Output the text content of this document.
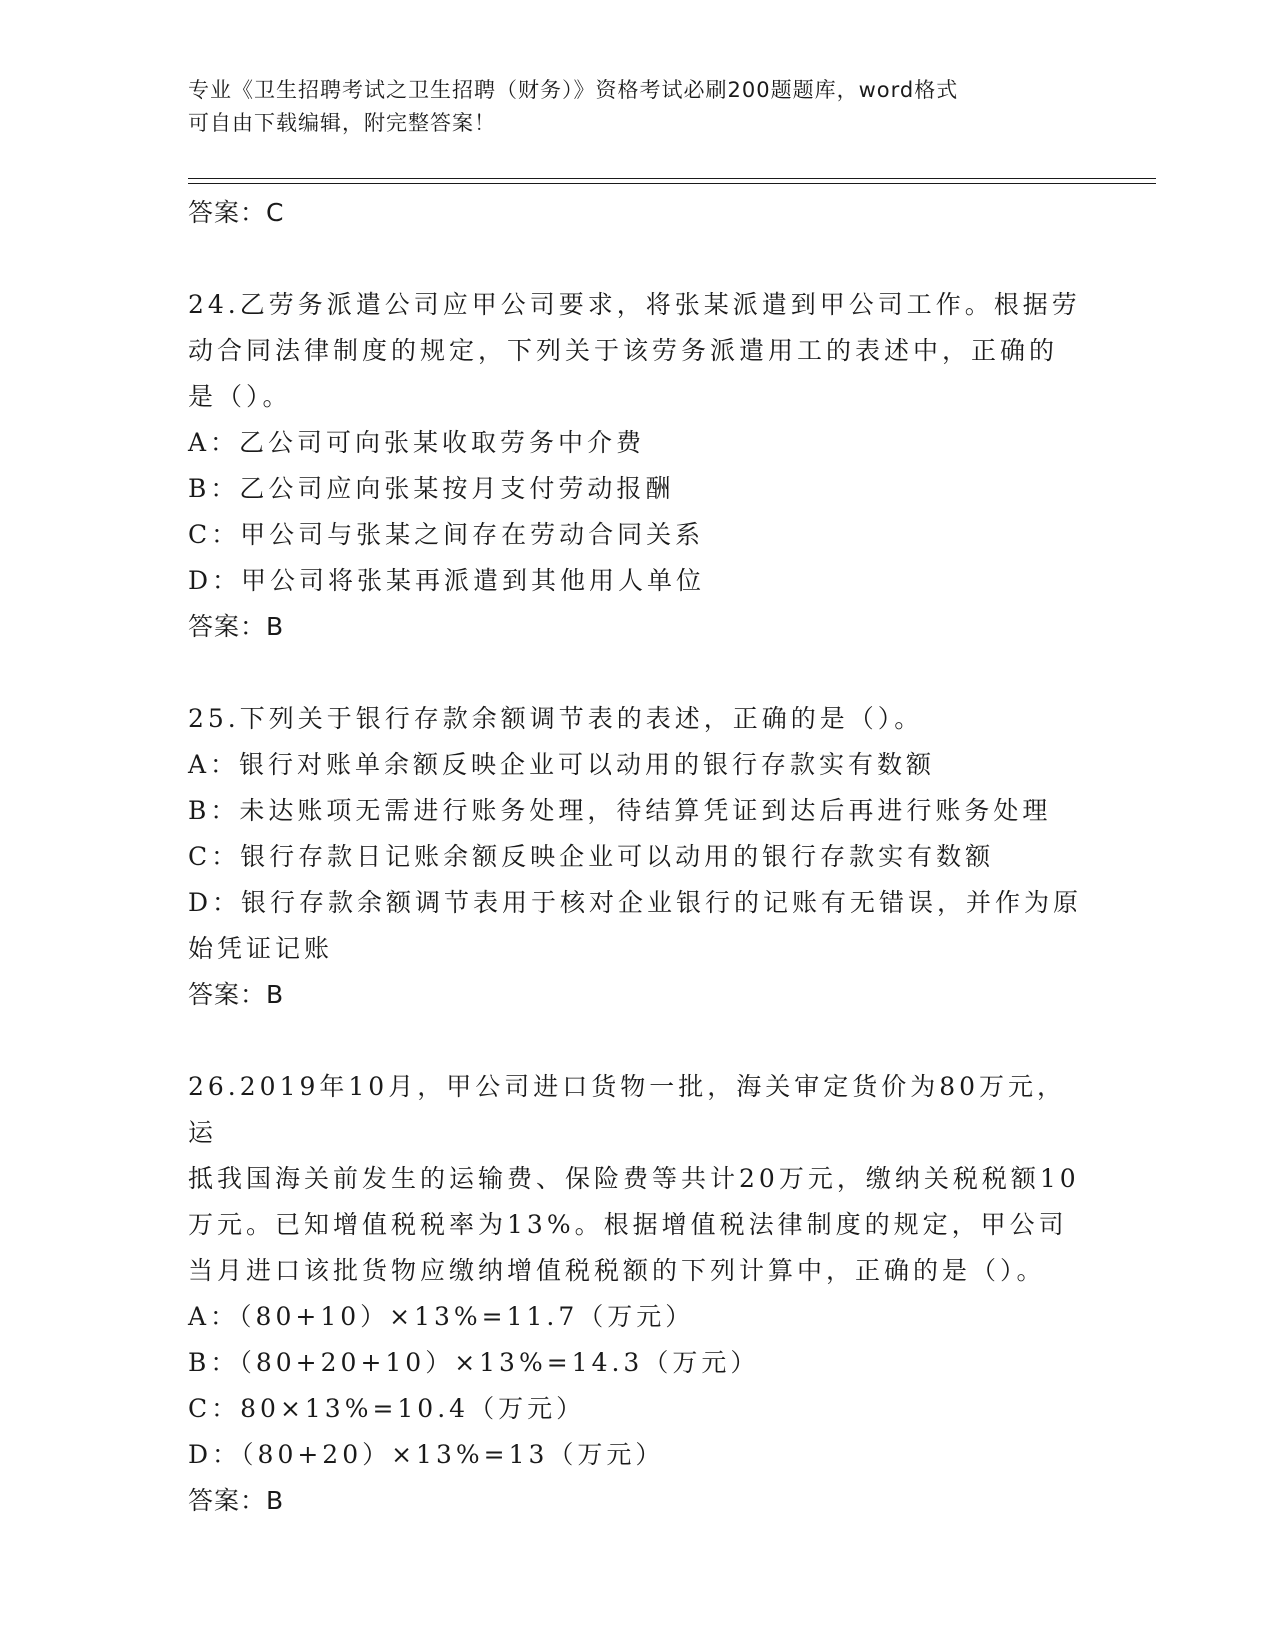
专业《卫生招聘考试之卫生招聘（财务）》资格考试必刷200题题库，word格式
可自由下载编辑，附完整答案！

答案：C

24.乙劳务派遣公司应甲公司要求，将张某派遣到甲公司工作。根据劳

动合同法律制度的规定，下列关于该劳务派遣用工的表述中，正确的

是（）。

A：乙公司可向张某收取劳务中介费

B：乙公司应向张某按月支付劳动报酬

C：甲公司与张某之间存在劳动合同关系

D：甲公司将张某再派遣到其他用人单位

答案：B

25.下列关于银行存款余额调节表的表述，正确的是（）。

A：银行对账单余额反映企业可以动用的银行存款实有数额

B：未达账项无需进行账务处理，待结算凭证到达后再进行账务处理

C：银行存款日记账余额反映企业可以动用的银行存款实有数额

D：银行存款余额调节表用于核对企业银行的记账有无错误，并作为原

始凭证记账

答案：B

26.2019年10月，甲公司进口货物一批，海关审定货价为80万元，运

抵我国海关前发生的运输费、保险费等共计20万元，缴纳关税税额10

万元。已知增值税税率为13%。根据增值税法律制度的规定，甲公司

当月进口该批货物应缴纳增值税税额的下列计算中，正确的是（）。

A：（80+10）×13%=11.7（万元）

B：（80+20+10）×13%=14.3（万元）

C：80×13%=10.4（万元）

D：（80+20）×13%=13（万元）

答案：B
